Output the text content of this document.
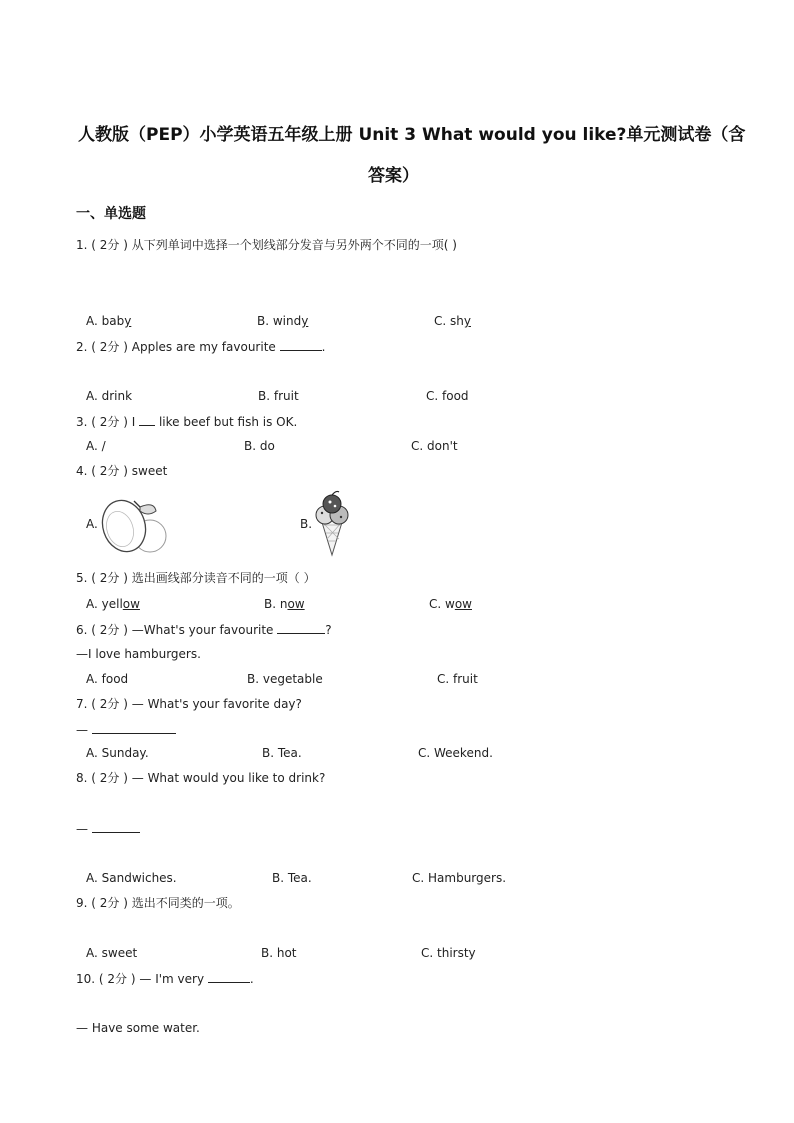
人教版（PEP）小学英语五年级上册 Unit 3 What would you like?单元测试卷（含
答案）
一、单选题
1. ( 2分 ) 从下列单词中选择一个划线部分发音与另外两个不同的一项( )
A. baby	B. windy	C. shy
2. ( 2分 ) Apples are my favourite	.
A. drink	B. fruit	C. food
3. ( 2分 ) I like beef but fish is OK.
A. /	B. do	C. don't
4. ( 2分 ) sweet
A.	B.
5. ( 2分 ) 选出画线部分读音不同的一项（ ）
A. yellow	B. now	C. wow
6. ( 2分 ) —What's your favourite	?
—I love hamburgers.
A. food	B. vegetable	C. fruit
7. ( 2分 ) — What's your favorite day?
—
A. Sunday.	B. Tea.	C. Weekend.
8. ( 2分 ) — What would you like to drink?
—
A. Sandwiches.	B. Tea.	C. Hamburgers.
9. ( 2分 ) 选出不同类的一项。
A. sweet	B. hot	C. thirsty
10. ( 2分 ) — I'm very	.
— Have some water.
